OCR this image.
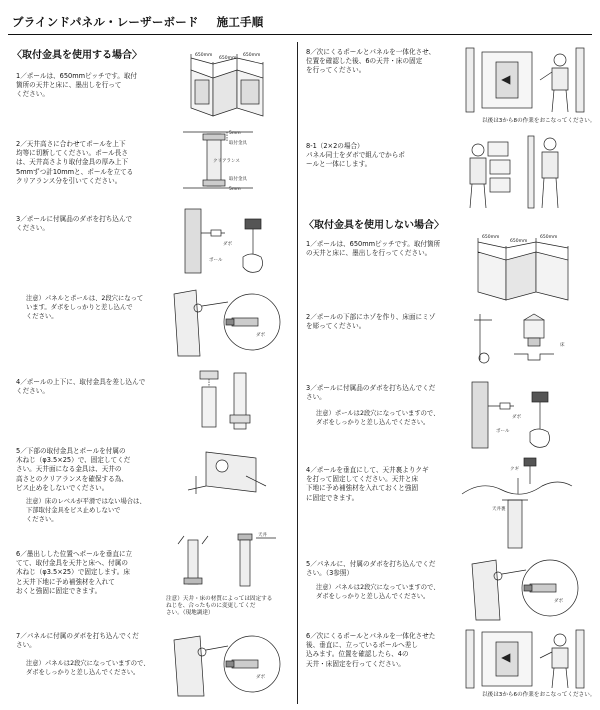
ブラインドパネル・レーザーボード 施工手順
〈取付金具を使用する場合〉
1／ポールは、650mmピッチです。取付
箇所の天井と床に、墨出しを行って
ください。
2／天井高さに合わせてポールを上下
均等に切断してください。ポール長さ
は、天井高さより取付金具の厚み上下
5mmずつ計10mmと、ポールを立てる
クリアランス分を引いてください。
3／ポールに付属品のダボを打ち込んで
ください。
注意）パネルとポールは、2段穴になって
います。ダボをしっかりと差し込んで
ください。
4／ポールの上下に、取付金具を差し込んで
ください。
5／下部の取付金具とポールを付属の
木ねじ（φ3.5×25）で、固定してくだ
さい。天井面になる金具は、天井の
高さとのクリアランスを確保する為、
ビス止めをしないでください。
注意）床のレベルが平滑ではない場合は、
下部取付金具をビス止めしないで
ください。
6／墨出しした位置へポールを垂直に立
てて、取付金具を天井と床へ、付属の
木ねじ（φ3.5×25）で固定します。床
と天井下地に予め補強材を入れて
おくと強固に固定できます。
7／パネルに付属のダボを打ち込んでくだ
さい。
注意）パネルは2段穴になっていますので、
ダボをしっかりと差し込んでください。
650mm
650mm
650mm
5mm
取付金具
クリアランス
取付金具
5mm
ダボ
ポール
ダボ
天井
注意）天井・床の材質によっては固定する
ねじを、合ったものに変更してくだ
さい。（現地調達）
ダボ
8／次にくるポールとパネルを一体化させ、
位置を確認した後、6の天井・床の固定
を行ってください。
8-1（2×2の場合）
パネル同士をダボで組んでからポ
ールと一体にします。
〈取付金具を使用しない場合〉
1／ポールは、650mmピッチです。取付箇所
の天井と床に、墨出しを行ってください。
2／ポールの下部にホゾを作り、床面にミゾ
を彫ってください。
3／ポールに付属品のダボを打ち込んでくだ
さい。
注意）ポールは2段穴になっていますので、
ダボをしっかりと差し込んでください。
4／ポールを垂直にして、天井裏よりクギ
を打って固定してください。天井と床
下地に予め補強材を入れておくと強固
に固定できます。
5／パネルに、付属のダボを打ち込んでくだ
さい。（3参照）
注意）パネルは2段穴になっていますので、
ダボをしっかりと差し込んでください。
6／次にくるポールとパネルを一体化させた
後、垂直に、立っているポールへ差し
込みます。位置を確認したら、4の
天井・床固定を行ってください。
以後は3から8の作業をおこなってください。
650mm
650mm
650mm
床
ダボ
ポール
クギ
天井裏
ダボ
以後は3から6の作業をおこなってください。
